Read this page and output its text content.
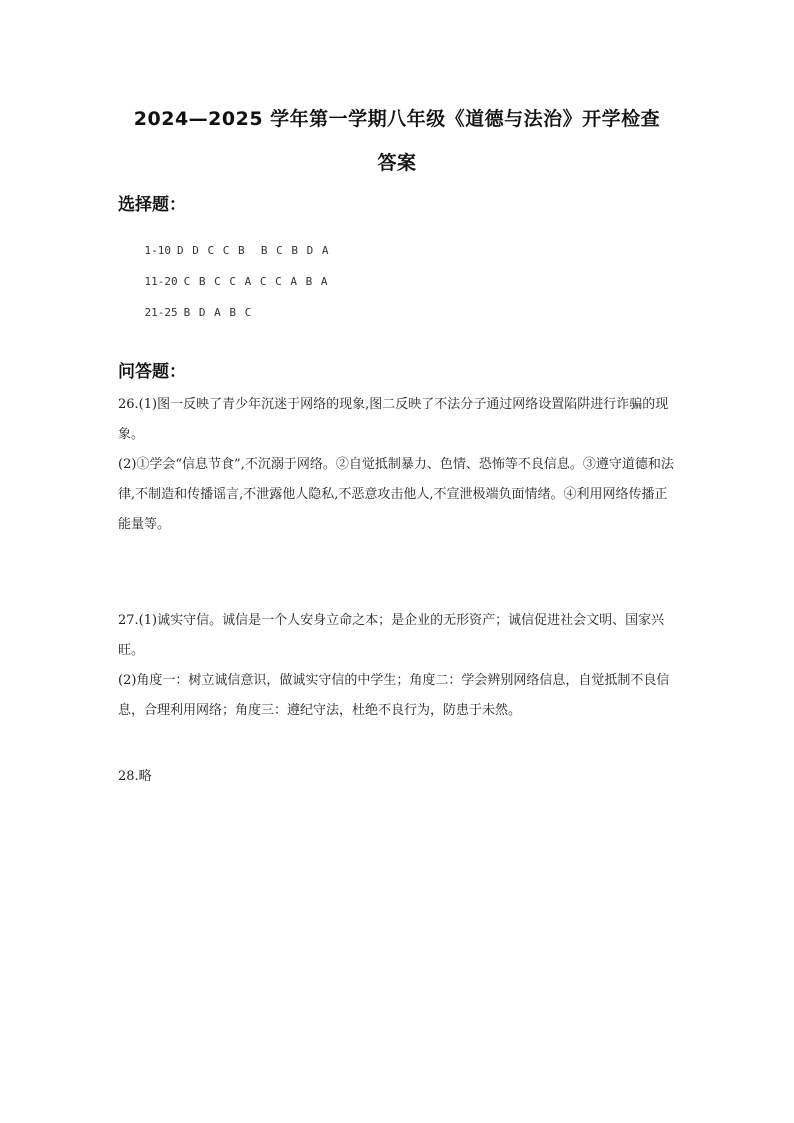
2024—2025 学年第一学期八年级《道德与法治》开学检查
答案
选择题：

1-10 D D C C B  B C B D A

11-20 C B C C A C C A B A

21-25 B D A B C

问答题：
26.(1)图一反映了青少年沉迷于网络的现象,图二反映了不法分子通过网络设置陷阱进行诈骗的现象。
(2)①学会“信息节食”,不沉溺于网络。②自觉抵制暴力、色情、恐怖等不良信息。③遵守道德和法律,不制造和传播谣言,不泄露他人隐私,不恶意攻击他人,不宣泄极端负面情绪。④利用网络传播正能量等。
27.(1)诚实守信。诚信是一个人安身立命之本；是企业的无形资产；诚信促进社会文明、国家兴旺。
(2)角度一：树立诚信意识，做诚实守信的中学生；角度二：学会辨别网络信息，自觉抵制不良信息，合理利用网络；角度三：遵纪守法，杜绝不良行为，防患于未然。
28.略
